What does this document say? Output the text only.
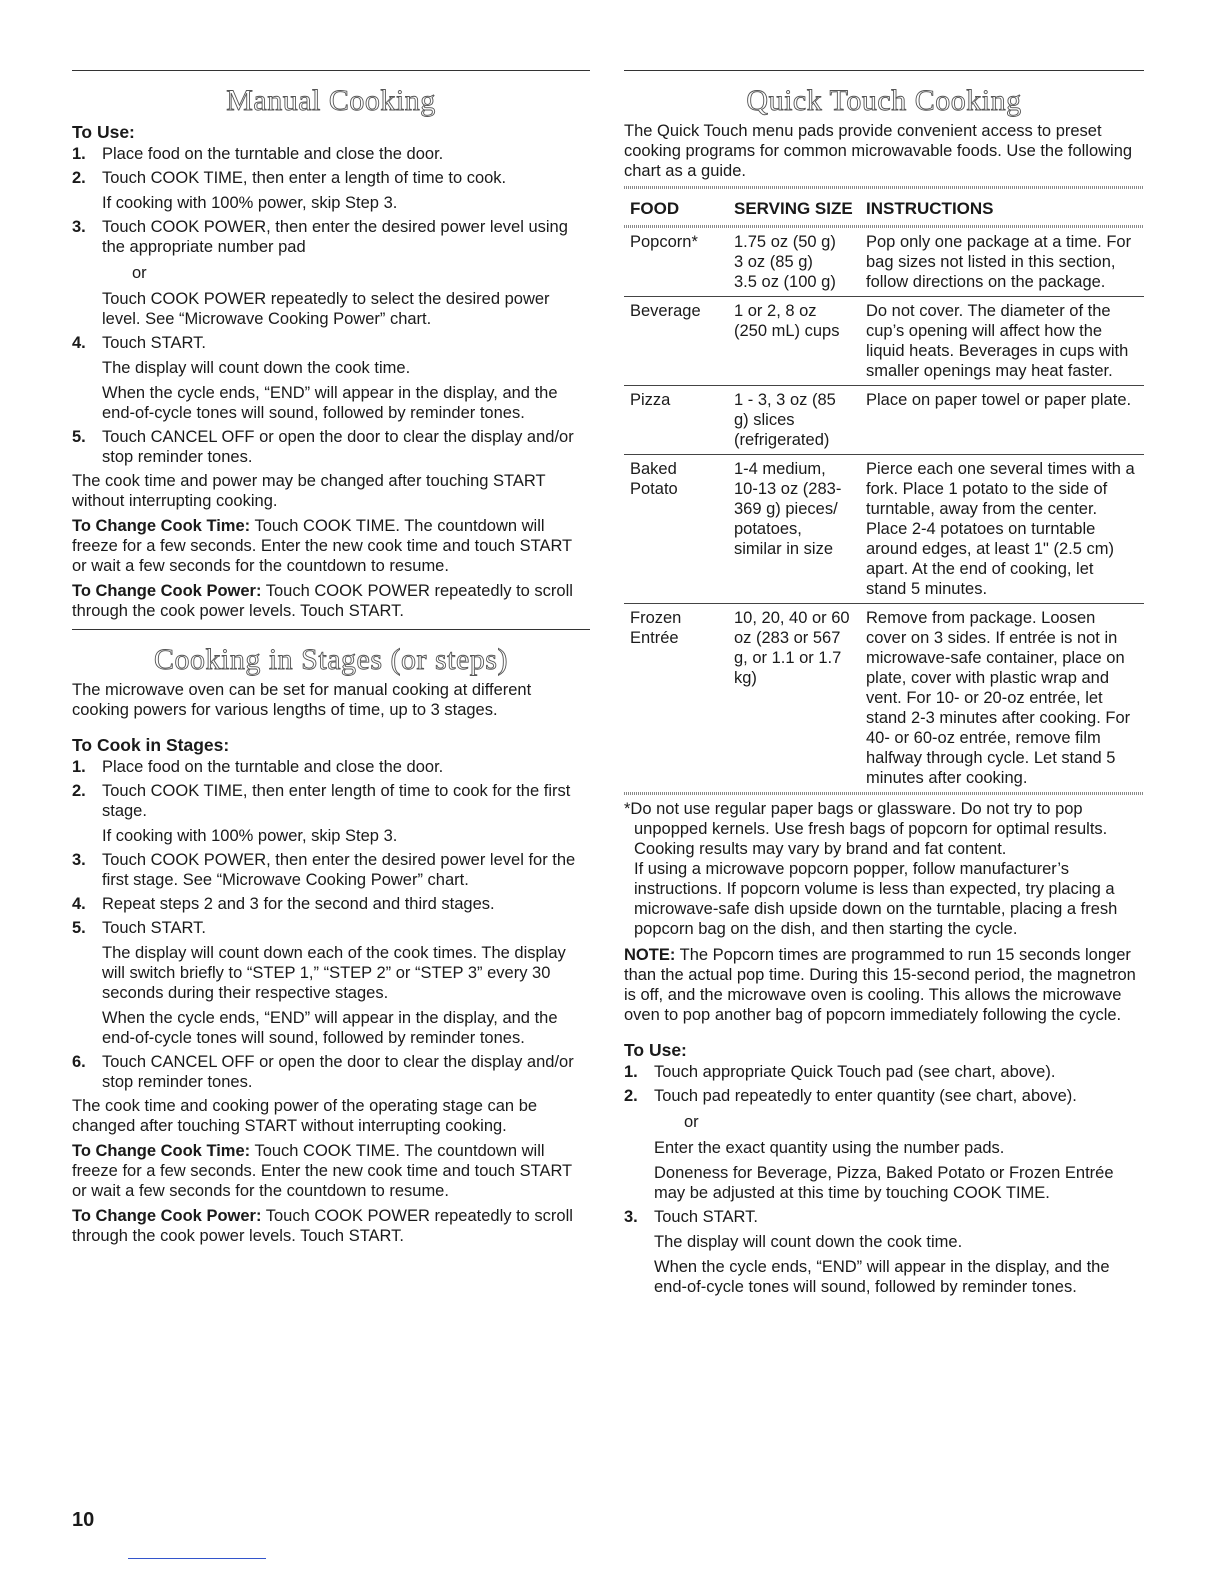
Manual Cooking
To Use:
1. Place food on the turntable and close the door.
2. Touch COOK TIME, then enter a length of time to cook.
If cooking with 100% power, skip Step 3.
3. Touch COOK POWER, then enter the desired power level using the appropriate number pad
or
Touch COOK POWER repeatedly to select the desired power level. See “Microwave Cooking Power” chart.
4. Touch START.
The display will count down the cook time.
When the cycle ends, “END” will appear in the display, and the end-of-cycle tones will sound, followed by reminder tones.
5. Touch CANCEL OFF or open the door to clear the display and/or stop reminder tones.

The cook time and power may be changed after touching START without interrupting cooking.

To Change Cook Time: Touch COOK TIME. The countdown will freeze for a few seconds. Enter the new cook time and touch START or wait a few seconds for the countdown to resume.

To Change Cook Power: Touch COOK POWER repeatedly to scroll through the cook power levels. Touch START.

Cooking in Stages (or steps)

The microwave oven can be set for manual cooking at different cooking powers for various lengths of time, up to 3 stages.

To Cook in Stages:
1. Place food on the turntable and close the door.
2. Touch COOK TIME, then enter length of time to cook for the first stage.
If cooking with 100% power, skip Step 3.
3. Touch COOK POWER, then enter the desired power level for the first stage. See “Microwave Cooking Power” chart.
4. Repeat steps 2 and 3 for the second and third stages.
5. Touch START.
The display will count down each of the cook times. The display will switch briefly to “STEP 1,” “STEP 2” or “STEP 3” every 30 seconds during their respective stages.
When the cycle ends, “END” will appear in the display, and the end-of-cycle tones will sound, followed by reminder tones.
6. Touch CANCEL OFF or open the door to clear the display and/or stop reminder tones.

The cook time and cooking power of the operating stage can be changed after touching START without interrupting cooking.

To Change Cook Time: Touch COOK TIME. The countdown will freeze for a few seconds. Enter the new cook time and touch START or wait a few seconds for the countdown to resume.

To Change Cook Power: Touch COOK POWER repeatedly to scroll through the cook power levels. Touch START.

Quick Touch Cooking

The Quick Touch menu pads provide convenient access to preset cooking programs for common microwavable foods. Use the following chart as a guide.

FOOD	SERVING SIZE	INSTRUCTIONS

Popcorn*	1.75 oz (50 g)
3 oz (85 g)
3.5 oz (100 g)	Pop only one package at a time. For bag sizes not listed in this section, follow directions on the package.
Beverage	1 or 2, 8 oz (250 mL) cups	Do not cover. The diameter of the cup’s opening will affect how the liquid heats. Beverages in cups with smaller openings may heat faster.
Pizza	1 - 3, 3 oz (85 g) slices (refrigerated)	Place on paper towel or paper plate.
Baked Potato	1-4 medium, 10-13 oz (283-369 g) pieces/ potatoes, similar in size	Pierce each one several times with a fork. Place 1 potato to the side of turntable, away from the center. Place 2-4 potatoes on turntable around edges, at least 1" (2.5 cm) apart. At the end of cooking, let stand 5 minutes.
Frozen Entrée	10, 20, 40 or 60 oz (283 or 567 g, or 1.1 or 1.7 kg)	Remove from package. Loosen cover on 3 sides. If entrée is not in microwave-safe container, place on plate, cover with plastic wrap and vent. For 10- or 20-oz entrée, let stand 2-3 minutes after cooking. For 40- or 60-oz entrée, remove film halfway through cycle. Let stand 5 minutes after cooking.

*Do not use regular paper bags or glassware. Do not try to pop unpopped kernels. Use fresh bags of popcorn for optimal results. Cooking results may vary by brand and fat content.

If using a microwave popcorn popper, follow manufacturer’s instructions. If popcorn volume is less than expected, try placing a microwave-safe dish upside down on the turntable, placing a fresh popcorn bag on the dish, and then starting the cycle.

NOTE: The Popcorn times are programmed to run 15 seconds longer than the actual pop time. During this 15-second period, the magnetron is off, and the microwave oven is cooling. This allows the microwave oven to pop another bag of popcorn immediately following the cycle.

To Use:
1. Touch appropriate Quick Touch pad (see chart, above).
2. Touch pad repeatedly to enter quantity (see chart, above).
or
Enter the exact quantity using the number pads.
Doneness for Beverage, Pizza, Baked Potato or Frozen Entrée may be adjusted at this time by touching COOK TIME.
3. Touch START.
The display will count down the cook time.
When the cycle ends, “END” will appear in the display, and the end-of-cycle tones will sound, followed by reminder tones.
10
